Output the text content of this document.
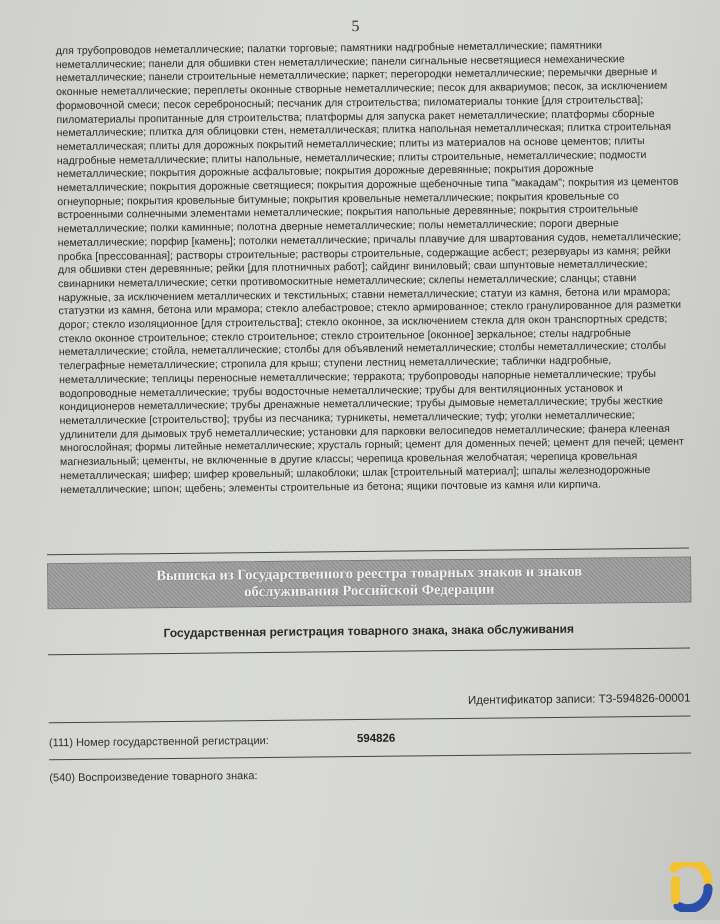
5
для трубопроводов неметаллические; палатки торговые; памятники надгробные неметаллические; памятники неметаллические; панели для обшивки стен неметаллические; панели сигнальные несветящиеся немеханические неметаллические; панели строительные неметаллические; паркет; перегородки неметаллические; перемычки дверные и оконные неметаллические; переплеты оконные створные неметаллические; песок для аквариумов; песок, за исключением формовочной смеси; песок сереброносный; песчаник для строительства; пиломатериалы тонкие [для строительства]; пиломатериалы пропитанные для строительства; платформы для запуска ракет неметаллические; платформы сборные неметаллические; плитка для облицовки стен, неметаллическая; плитка напольная неметаллическая; плитка строительная неметаллическая; плиты для дорожных покрытий неметаллические; плиты из материалов на основе цементов; плиты надгробные неметаллические; плиты напольные, неметаллические; плиты строительные, неметаллические; подмости неметаллические; покрытия дорожные асфальтовые; покрытия дорожные деревянные; покрытия дорожные неметаллические; покрытия дорожные светящиеся; покрытия дорожные щебеночные типа "макадам"; покрытия из цементов огнеупорные; покрытия кровельные битумные; покрытия кровельные неметаллические; покрытия кровельные со встроенными солнечными элементами неметаллические; покрытия напольные деревянные; покрытия строительные неметаллические; полки каминные; полотна дверные неметаллические; полы неметаллические; пороги дверные неметаллические; порфир [камень]; потолки неметаллические; причалы плавучие для швартования судов, неметаллические; пробка [прессованная]; растворы строительные; растворы строительные, содержащие асбест; резервуары из камня; рейки для обшивки стен деревянные; рейки [для плотничных работ]; сайдинг виниловый; сваи шпунтовые неметаллические; свинарники неметаллические; сетки противомоскитные неметаллические; склепы неметаллические; сланцы; ставни наружные, за исключением металлических и текстильных; ставни неметаллические; статуи из камня, бетона или мрамора; статуэтки из камня, бетона или мрамора; стекло алебастровое; стекло армированное; стекло гранулированное для разметки дорог; стекло изоляционное [для строительства]; стекло оконное, за исключением стекла для окон транспортных средств; стекло оконное строительное; стекло строительное; стекло строительное [оконное] зеркальное; стелы надгробные неметаллические; стойла, неметаллические; столбы для объявлений неметаллические; столбы неметаллические; столбы телеграфные неметаллические; стропила для крыш; ступени лестниц неметаллические; таблички надгробные, неметаллические; теплицы переносные неметаллические; терракота; трубопроводы напорные неметаллические; трубы водопроводные неметаллические; трубы водосточные неметаллические; трубы для вентиляционных установок и кондиционеров неметаллические; трубы дренажные неметаллические; трубы дымовые неметаллические; трубы жесткие неметаллические [строительство]; трубы из песчаника; турникеты, неметаллические; туф; уголки неметаллические; удлинители для дымовых труб неметаллические; установки для парковки велосипедов неметаллические; фанера клееная многослойная; формы литейные неметаллические; хрусталь горный; цемент для доменных печей; цемент для печей; цемент магнезиальный; цементы, не включенные в другие классы; черепица кровельная желобчатая; черепица кровельная неметаллическая; шифер; шифер кровельный; шлакоблоки; шлак [строительный материал]; шпалы железнодорожные неметаллические; шпон; щебень; элементы строительные из бетона; ящики почтовые из камня или кирпича.
Выписка из Государственного реестра товарных знаков и знаков обслуживания Российской Федерации
Государственная регистрация товарного знака, знака обслуживания
Идентификатор записи: ТЗ-594826-00001
(111) Номер государственной регистрации:	594826
(540) Воспроизведение товарного знака:
